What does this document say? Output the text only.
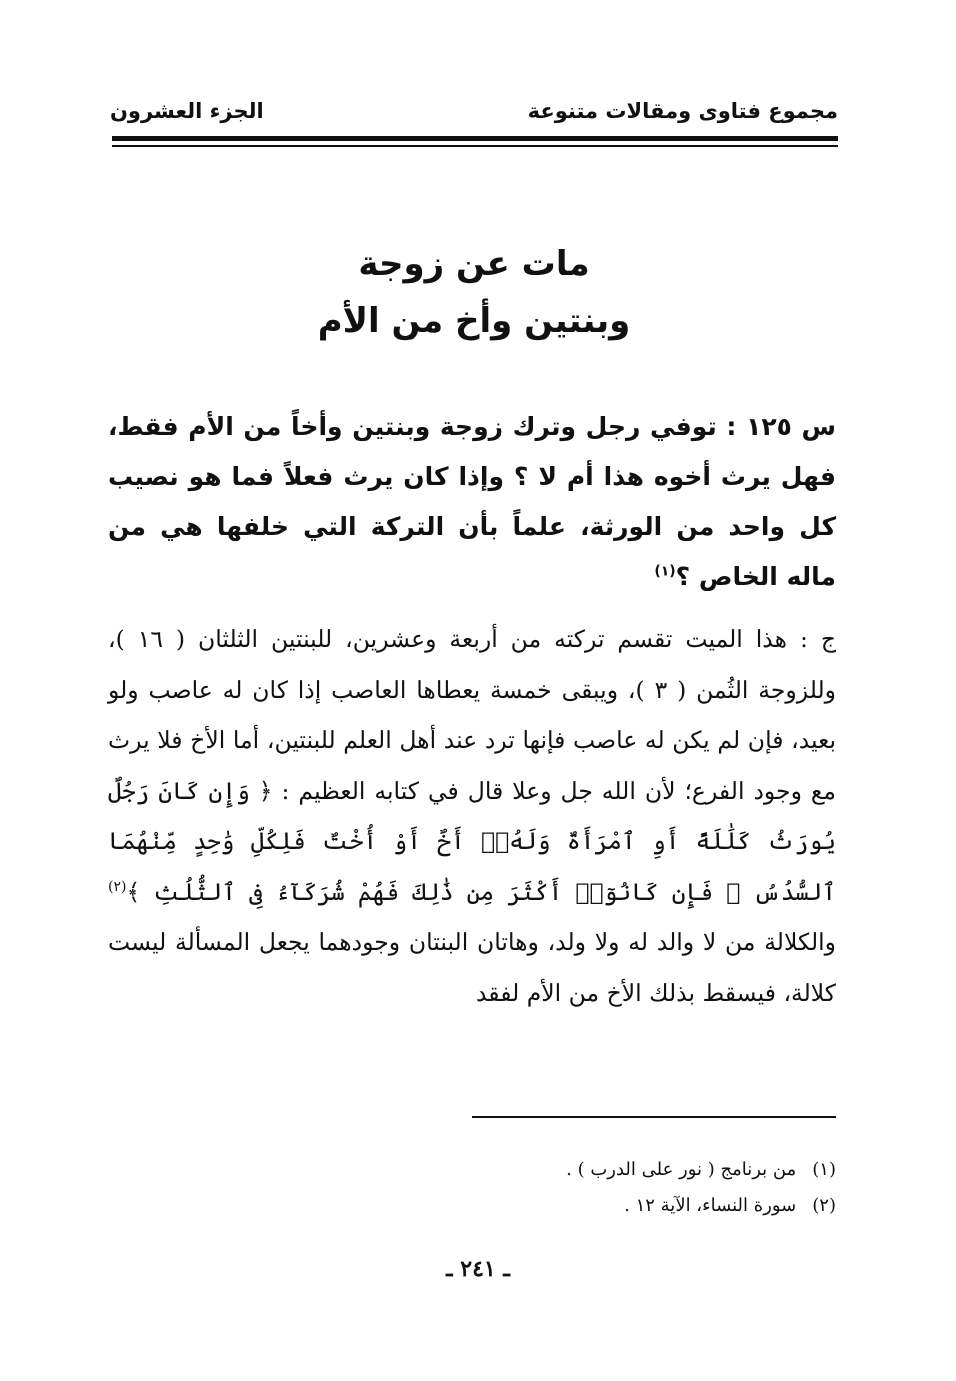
مجموع فتاوى ومقالات متنوعة
الجزء العشرون
مات عن زوجة
وبنتين وأخ من الأم
س ١٢٥ : توفي رجل وترك زوجة وبنتين وأخاً من الأم فقط، فهل يرث أخوه هذا أم لا ؟ وإذا كان يرث فعلاً فما هو نصيب كل واحد من الورثة، علماً بأن التركة التي خلفها هي من ماله الخاص ؟$^{(١)}$
ج : هذا الميت تقسم تركته من أربعة وعشرين، للبنتين الثلثان ( ١٦ )، وللزوجة الثُمن ( ٣ )، ويبقى خمسة يعطاها العاصب إذا كان له عاصب ولو بعيد، فإن لم يكن له عاصب فإنها ترد عند أهل العلم للبنتين، أما الأخ فلا يرث مع وجود الفرع؛ لأن الله جل وعلا قال في كتابه العظيم : ﴿ وَإِن كَانَ رَجُلٌ يُورَثُ كَلَٰلَةً أَوِ ٱمْرَأَةٌ وَلَهُۥٓ أَخٌ أَوْ أُخْتٌ فَلِكُلِّ وَٰحِدٍ مِّنْهُمَا ٱلسُّدُسُ ۚ فَإِن كَانُوٓا۟ أَكْثَرَ مِن ذَٰلِكَ فَهُمْ شُرَكَآءُ فِى ٱلثُّلُثِ ﴾$^{(٢)}$ والكلالة من لا والد له ولا ولد، وهاتان البنتان وجودهما يجعل المسألة ليست كلالة، فيسقط بذلك الأخ من الأم لفقد
(١)
من برنامج ( نور على الدرب ) .
(٢)
سورة النساء، الآية ١٢ .
ـ ٢٤١ ـ
